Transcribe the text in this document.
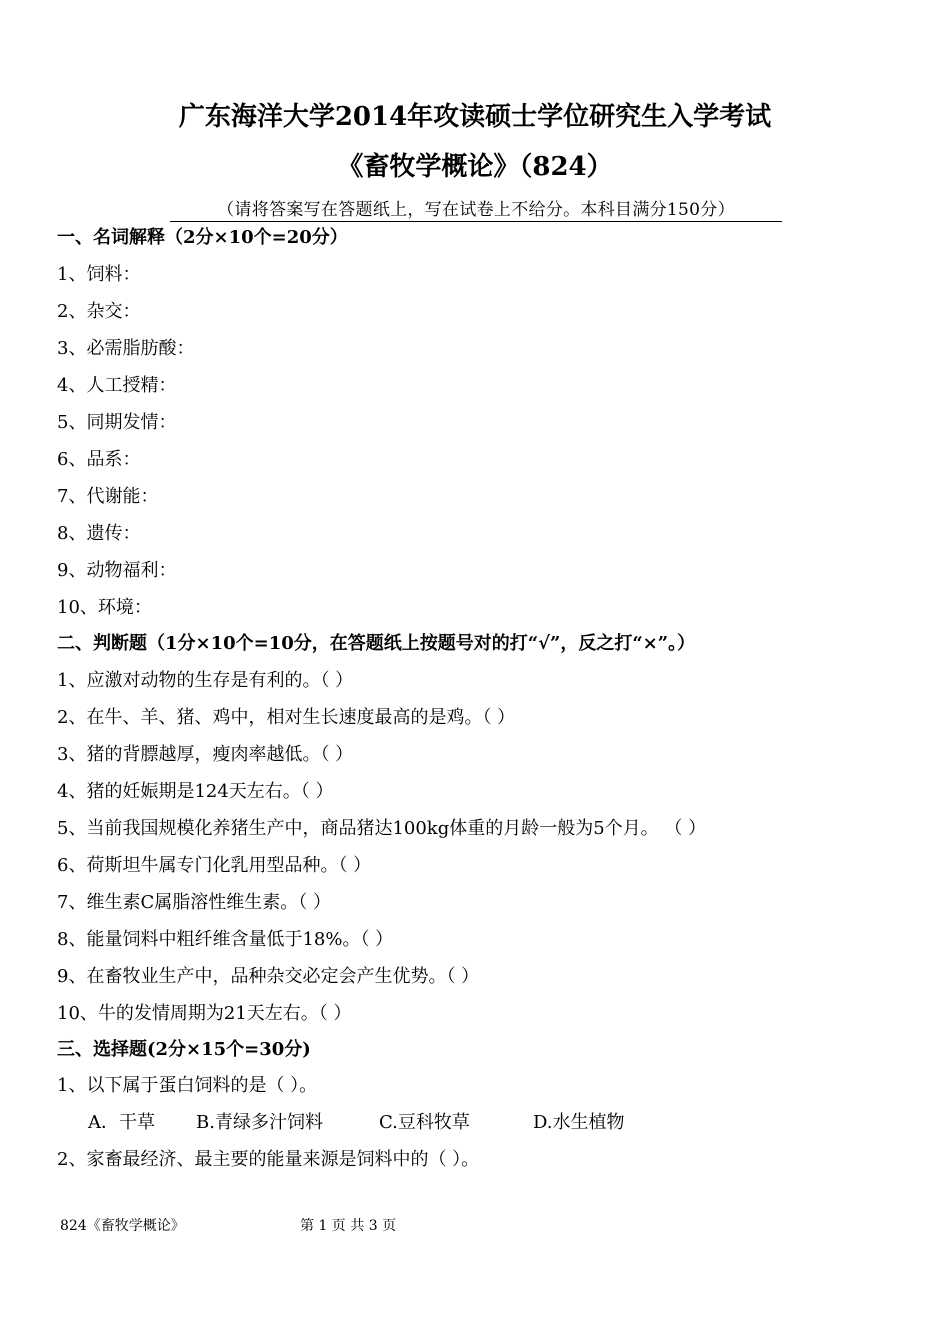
广东海洋大学2014年攻读硕士学位研究生入学考试
《畜牧学概论》（824）
（请将答案写在答题纸上，写在试卷上不给分。本科目满分150分）
一、名词解释（2分×10个=20分）
1、饲料：
2、杂交：
3、必需脂肪酸：
4、人工授精：
5、同期发情：
6、品系：
7、代谢能：
8、遗传：
9、动物福利：
10、环境：
二、判断题（1分×10个=10分，在答题纸上按题号对的打“√”，反之打“×”。）
1、应激对动物的生存是有利的。（ ）
2、在牛、羊、猪、鸡中，相对生长速度最高的是鸡。（ ）
3、猪的背膘越厚，瘦肉率越低。（ ）
4、猪的妊娠期是124天左右。（ ）
5、当前我国规模化养猪生产中，商品猪达100kg体重的月龄一般为5个月。 （ ）
6、荷斯坦牛属专门化乳用型品种。（ ）
7、维生素C属脂溶性维生素。（ ）
8、能量饲料中粗纤维含量低于18%。（ ）
9、在畜牧业生产中，品种杂交必定会产生优势。（ ）
10、牛的发情周期为21天左右。（ ）
三、选择题(2分×15个=30分)
1、以下属于蛋白饲料的是（ ）。
A．干草 B.青绿多汁饲料	C.豆科牧草	D.水生植物
2、家畜最经济、最主要的能量来源是饲料中的（ ）。
824《畜牧学概论》	第 1 页 共 3 页
